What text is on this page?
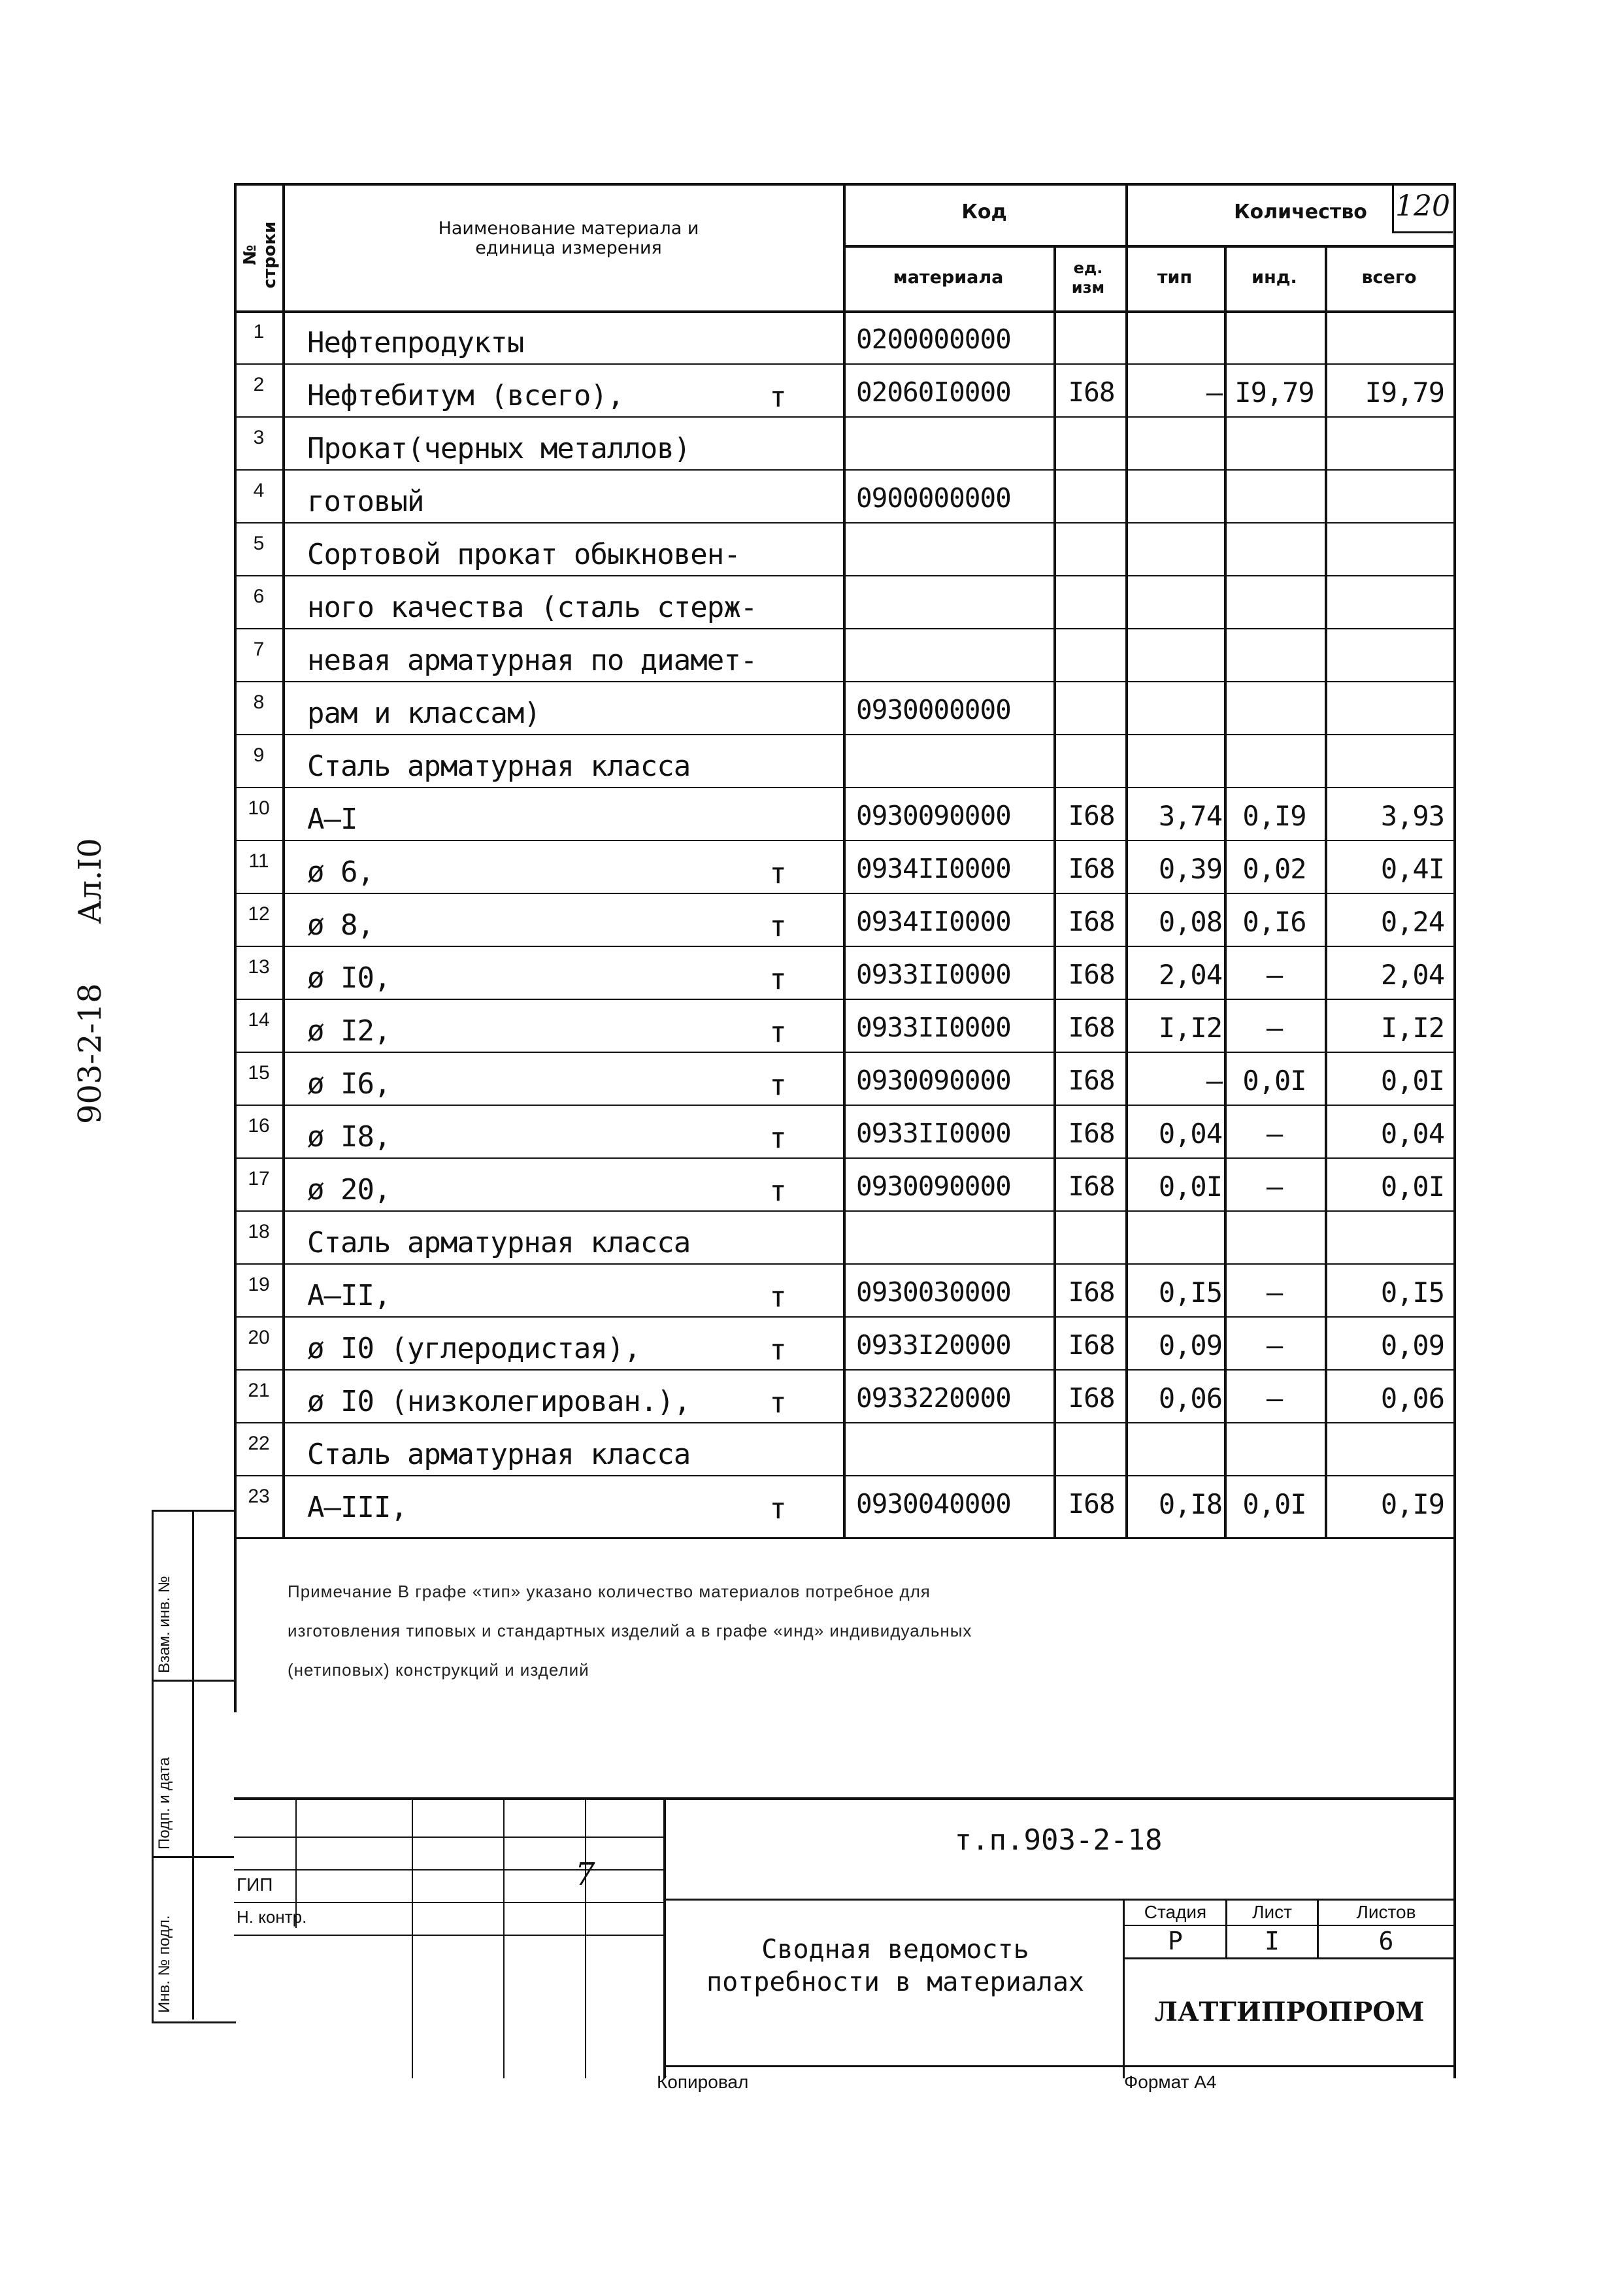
120
№ строки	Наименование материала и единица измерения
Код
материала	ед. изм
Количество
тип	инд.	всего
1	Нефтепродукты	0200000000
2	Нефтебитум (всего),	т	02060I0000	I68	– I9,79	I9,79
3	Прокат(черных металлов)
4	готовый	0900000000
5	Сортовой прокат обыкновен-
6	ного качества (сталь стерж-
7	невая арматурная по диамет-
8	рам и классам)	0930000000
9	Сталь арматурная класса
10	А–I	0930090000	I68	3,74 0,I9	3,93
11	ø 6,	т	0934II0000	I68	0,39 0,02	0,4I
12	ø 8,	т	0934II0000	I68	0,08 0,I6	0,24
13	ø I0,	т	0933II0000	I68	2,04	–	2,04
14	ø I2,	т	0933II0000	I68	I,I2	–	I,I2
15	ø I6,	т	0930090000	I68	– 0,0I	0,0I
16	ø I8,	т	0933II0000	I68	0,04	–	0,04
17	ø 20,	т	0930090000	I68	0,0I	–	0,0I
18	Сталь арматурная класса
19	А–II,	т	0930030000	I68	0,I5	–	0,I5
20	ø I0 (углеродистая),	т	0933I20000	I68	0,09	–	0,09
21	ø I0 (низколегирован.),	т	0933220000	I68	0,06	–	0,06
22	Сталь арматурная класса
23	А–III,	т	0930040000	I68	0,I8 0,0I	0,I9
Примечание В графе «тип» указано количество материалов потребное для
изготовления типовых и стандартных изделий а в графе «инд» индивидуальных
(нетиповых) конструкций и изделий
903-2-18  Ал.I0
Взам. инв. №
Подп. и дата
Инв. № подл.
т.п.903-2-18
Сводная ведомость
потребности в материалах
Стадия	Лист	Листов
Р	I	6
ЛАТГИПРОПРОМ
ГИП
Н. контр.
7
Копировал	Формат А4
